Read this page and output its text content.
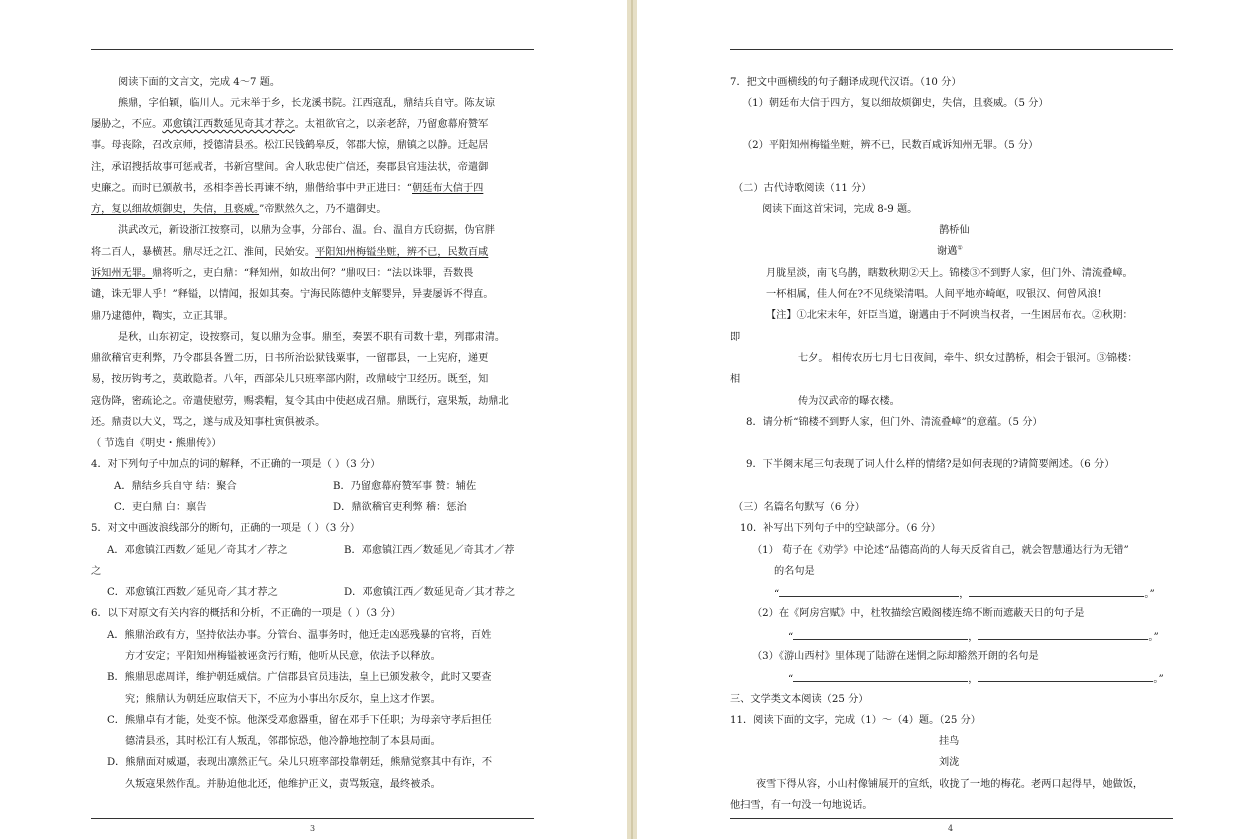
阅读下面的文言文，完成 4～7 题。
熊鼎，字伯颖，临川人。元末举于乡，长龙溪书院。江西寇乱，鼎结兵自守。陈友谅
屡胁之，不应。邓愈镇江西数延见奇其才荐之。太祖欲官之，以亲老辞，乃留愈幕府赞军
事。母丧除，召改京师，授德清县丞。松江民钱鹤皋反，邻郡大惊，鼎镇之以静。迁起居
注，承诏搜括故事可惩戒者，书新宫壁间。舍人耿忠使广信还，奏郡县官违法状，帝遣御
史廉之。而时已颁赦书，丞相李善长再谏不纳，鼎偕给事中尹正进曰：“朝廷布大信于四
方，复以细故烦御史，失信，且亵威。”帝默然久之，乃不遣御史。
洪武改元，新设浙江按察司，以鼎为佥事，分部台、温。台、温自方氏窃据，伪官胖
将二百人，暴横甚。鼎尽迁之江、淮间，民始安。平阳知州梅镒坐赃，辨不已，民数百咸
诉知州无罪。鼎将听之，吏白鼎：“释知州，如故出何？”鼎叹曰：“法以诛罪，吾数畏
谴，诛无罪人乎！”释镒，以情闻，报如其奏。宁海民陈德仲支解婴异，异妻屡诉不得直。
鼎乃逮德仲，鞫实，立正其罪。
是秋，山东初定，设按察司，复以鼎为佥事。鼎至，奏罢不职有司数十辈，列郡肃清。
鼎欲稽官吏利弊，乃令郡县各置二历，日书所治讼狱钱粟事，一留郡县，一上宪府，递更
易，按历钩考之，莫敢隐者。八年，西部朵儿只班率部内附，改鼎岐宁卫经历。既至，知
寇伪降，密疏论之。帝遣使慰劳，赐裘帽，复令其由中使赵成召鼎。鼎既行，寇果叛，劫鼎北
还。鼎责以大义，骂之，遂与成及知事杜寅俱被杀。
（ 节选自《明史・熊鼎传》）
4．对下列句子中加点的词的解释，不正确的一项是（ ）（3 分）
A．鼎结乡兵自守 结：聚合	B．乃留愈幕府赞军事 赞：辅佐
C．吏白鼎 白：禀告	D．鼎欲稽官吏利弊 稽：惩治
5．对文中画波浪线部分的断句，正确的一项是（ ）（3 分）
A．邓愈镇江西数／延见／奇其才／荐之	B．邓愈镇江西／数延见／奇其才／荐
之
C．邓愈镇江西数／延见奇／其才荐之	D．邓愈镇江西／数延见奇／其才荐之
6．以下对原文有关内容的概括和分析，不正确的一项是（ ）（3 分）
A．熊鼎治政有方，坚持依法办事。分管台、温事务时，他迁走凶恶残暴的官将，百姓
方才安定；平阳知州梅镒被诬贪污行贿，他听从民意，依法予以释放。
B．熊鼎思虑周详，维护朝廷威信。广信郡县官员违法，皇上已颁发赦令，此时又要查
究；熊鼎认为朝廷应取信天下，不应为小事出尔反尔，皇上这才作罢。
C．熊鼎卓有才能，处变不惊。他深受邓愈器重，留在邓手下任职；为母亲守孝后担任
德清县丞，其时松江有人叛乱，邻郡惊恐，他冷静地控制了本县局面。
D．熊鼎面对威逼，表现出凛然正气。朵儿只班率部投靠朝廷，熊鼎觉察其中有诈，不
久叛寇果然作乱。并胁迫他北还，他维护正义，责骂叛寇，最终被杀。
3
7．把文中画横线的句子翻译成现代汉语。（10 分）
（1）朝廷布大信于四方，复以细故烦御史，失信，且亵威。（5 分）
（2）平阳知州梅镒坐赃，辨不已，民数百咸诉知州无罪。（5 分）
（二）古代诗歌阅读（11 分）
阅读下面这首宋词，完成 8-9 题。
鹊桥仙
谢邁①
月胧星淡，南飞乌鹊，瞎数秋期②天上。锦楼③不到野人家，但门外、清流叠嶂。
一杯相属，佳人何在?不见绕梁清唱。人间平地亦崎岖，叹银汉、何曾风浪!
【注】①北宋末年，奸臣当道，谢邁由于不阿谀当权者，一生困居布衣。②秋期：
即
七夕。 相传农历七月七日夜间，牵牛、织女过鹊桥，相会于银河。③锦楼：
相
传为汉武帝的曝衣楼。
8．请分析“锦楼不到野人家，但门外、清流叠嶂”的意蕴。（5 分）
9．下半阕末尾三句表现了词人什么样的情绪?是如何表现的?请简要阐述。（6 分）
（三）名篇名句默写（6 分）
10．补写出下列句子中的空缺部分。（6 分）
（1） 荀子在《劝学》中论述“品德高尚的人每天反省自己，就会智慧通达行为无错”
的名句是
“	，	。”
（2）在《阿房宫赋》中，杜牧描绘宫殿阁楼连绵不断而遮蔽天日的句子是
“	，	。”
（3）《游山西村》里体现了陆游在迷惘之际却豁然开朗的名句是
“	，	。”
三、文学类文本阅读（25 分）
11．阅读下面的文字，完成（1）～（4）题。（25 分）
挂鸟
刘泷
夜雪下得从容，小山村像铺展开的宣纸，收拢了一地的梅花。老两口起得早，她做饭，
他扫雪，有一句没一句地说话。
4
